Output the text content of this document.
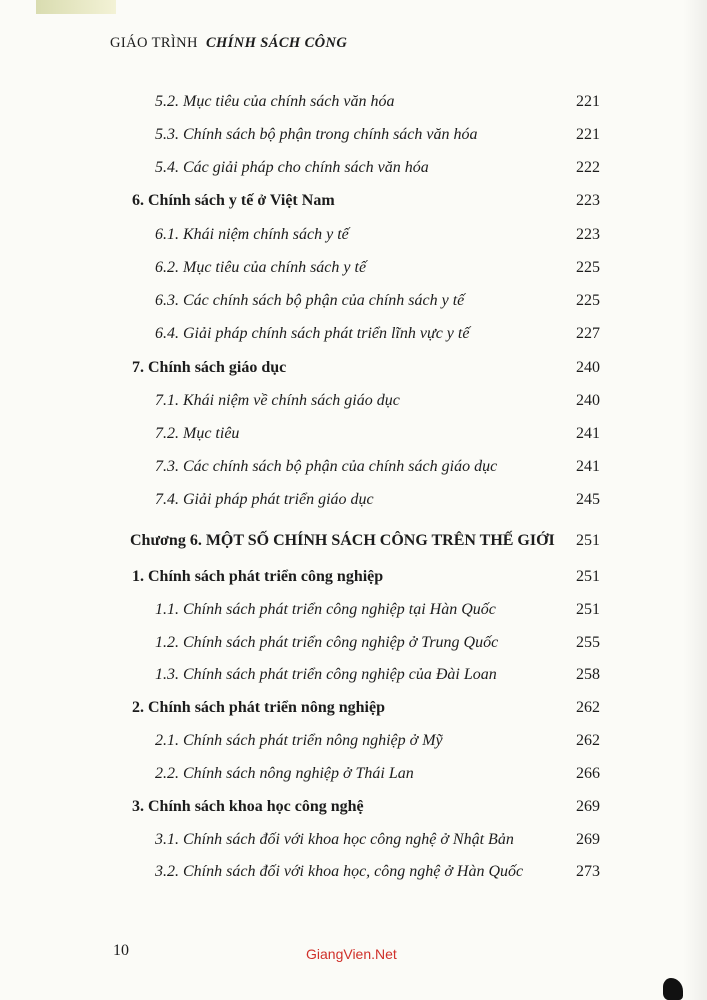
GIÁO TRÌNH CHÍNH SÁCH CÔNG
5.2. Mục tiêu của chính sách văn hóa	221
5.3. Chính sách bộ phận trong chính sách văn hóa	221
5.4. Các giải pháp cho chính sách văn hóa	222
6. Chính sách y tế ở Việt Nam	223
6.1. Khái niệm chính sách y tế	223
6.2. Mục tiêu của chính sách y tế	225
6.3. Các chính sách bộ phận của chính sách y tế	225
6.4. Giải pháp chính sách phát triển lĩnh vực y tế	227
7. Chính sách giáo dục	240
7.1. Khái niệm về chính sách giáo dục	240
7.2. Mục tiêu	241
7.3. Các chính sách bộ phận của chính sách giáo dục	241
7.4. Giải pháp phát triển giáo dục	245
Chương 6. MỘT SỐ CHÍNH SÁCH CÔNG TRÊN THẾ GIỚI 251
1. Chính sách phát triển công nghiệp	251
1.1. Chính sách phát triển công nghiệp tại Hàn Quốc	251
1.2. Chính sách phát triển công nghiệp ở Trung Quốc	255
1.3. Chính sách phát triển công nghiệp của Đài Loan	258
2. Chính sách phát triển nông nghiệp	262
2.1. Chính sách phát triển nông nghiệp ở Mỹ	262
2.2. Chính sách nông nghiệp ở Thái Lan	266
3. Chính sách khoa học công nghệ	269
3.1. Chính sách đối với khoa học công nghệ ở Nhật Bản	269
3.2. Chính sách đối với khoa học, công nghệ ở Hàn Quốc	273
10	GiangVien.Net
